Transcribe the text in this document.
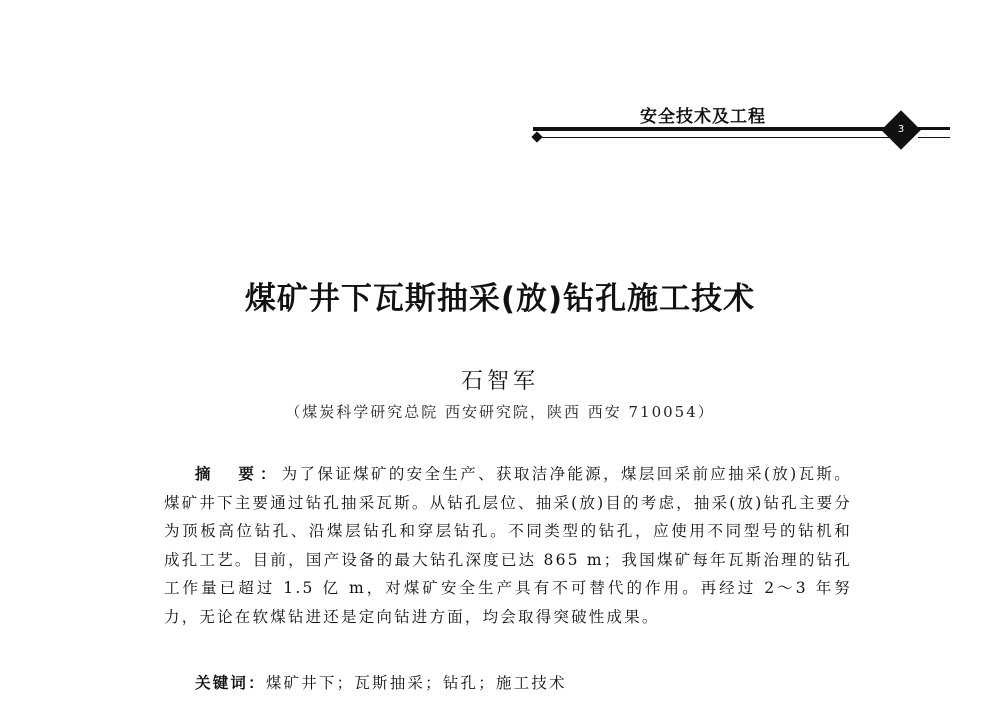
安全技术及工程
3
煤矿井下瓦斯抽采(放)钻孔施工技术
石智军
（煤炭科学研究总院 西安研究院，陕西 西安 710054）

摘　要：为了保证煤矿的安全生产、获取洁净能源，煤层回采前应抽采(放)瓦斯。煤矿井下主要通过钻孔抽采瓦斯。从钻孔层位、抽采(放)目的考虑，抽采(放)钻孔主要分为顶板高位钻孔、沿煤层钻孔和穿层钻孔。不同类型的钻孔，应使用不同型号的钻机和成孔工艺。目前，国产设备的最大钻孔深度已达 865 m；我国煤矿每年瓦斯治理的钻孔工作量已超过 1.5 亿 m，对煤矿安全生产具有不可替代的作用。再经过 2～3 年努力，无论在软煤钻进还是定向钻进方面，均会取得突破性成果。

关键词：煤矿井下；瓦斯抽采；钻孔；施工技术
